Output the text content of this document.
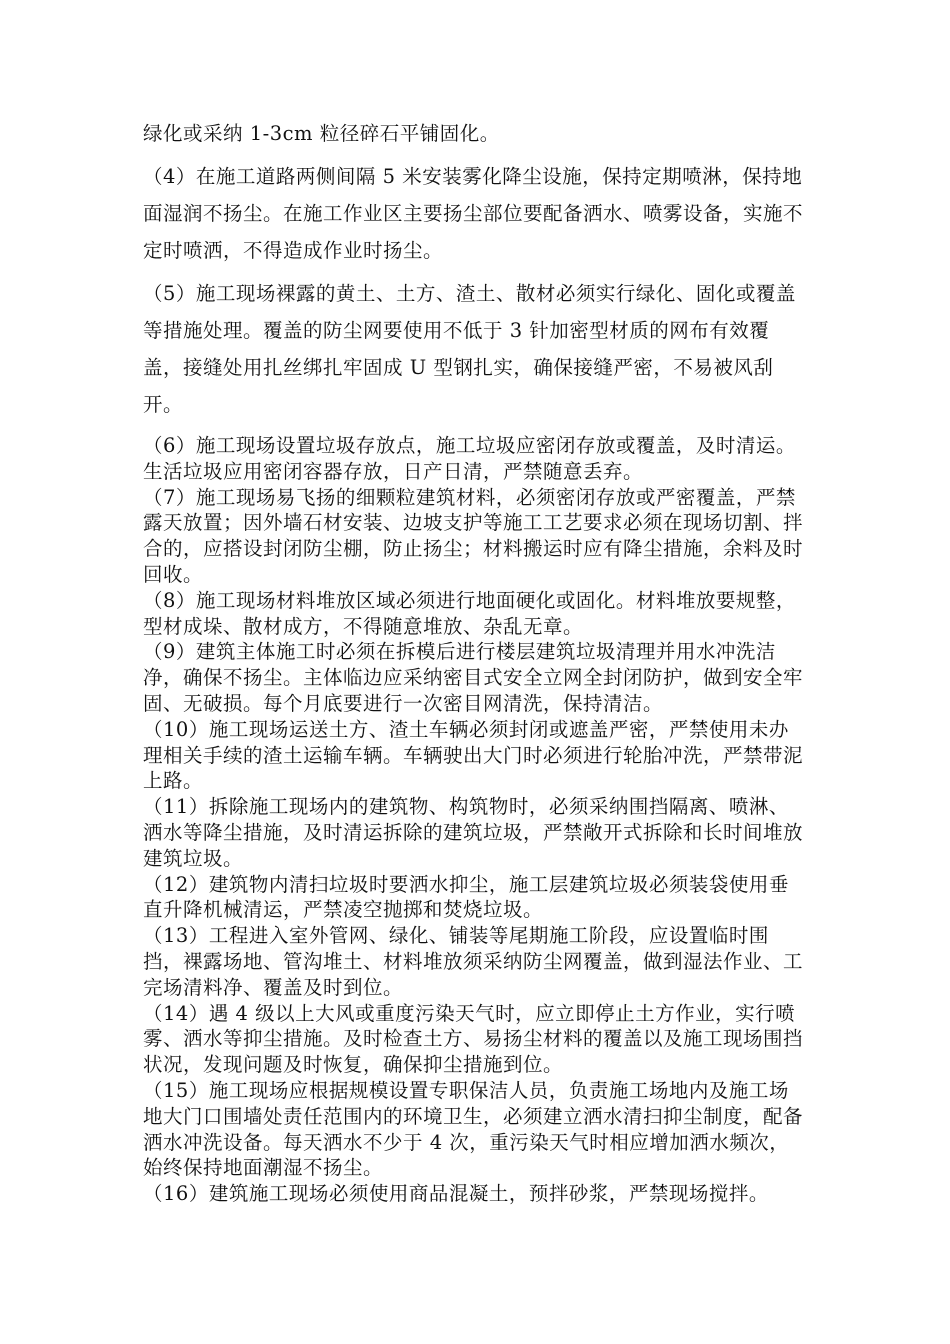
绿化或采纳 1-3cm 粒径碎石平铺固化。

（4）在施工道路两侧间隔 5 米安装雾化降尘设施，保持定期喷淋，保持地面湿润不扬尘。在施工作业区主要扬尘部位要配备洒水、喷雾设备，实施不定时喷洒，不得造成作业时扬尘。

（5）施工现场裸露的黄土、土方、渣土、散材必须实行绿化、固化或覆盖等措施处理。覆盖的防尘网要使用不低于 3 针加密型材质的网布有效覆盖，接缝处用扎丝绑扎牢固成 U 型钢扎实，确保接缝严密，不易被风刮开。

（6）施工现场设置垃圾存放点，施工垃圾应密闭存放或覆盖，及时清运。生活垃圾应用密闭容器存放，日产日清，严禁随意丢弃。

（7）施工现场易飞扬的细颗粒建筑材料，必须密闭存放或严密覆盖，严禁露天放置；因外墙石材安装、边坡支护等施工工艺要求必须在现场切割、拌合的，应搭设封闭防尘棚，防止扬尘；材料搬运时应有降尘措施，余料及时回收。

（8）施工现场材料堆放区域必须进行地面硬化或固化。材料堆放要规整，型材成垛、散材成方，不得随意堆放、杂乱无章。

（9）建筑主体施工时必须在拆模后进行楼层建筑垃圾清理并用水冲洗洁净，确保不扬尘。主体临边应采纳密目式安全立网全封闭防护，做到安全牢固、无破损。每个月底要进行一次密目网清洗，保持清洁。

（10）施工现场运送土方、渣土车辆必须封闭或遮盖严密，严禁使用未办理相关手续的渣土运输车辆。车辆驶出大门时必须进行轮胎冲洗，严禁带泥上路。

（11）拆除施工现场内的建筑物、构筑物时，必须采纳围挡隔离、喷淋、洒水等降尘措施，及时清运拆除的建筑垃圾，严禁敞开式拆除和长时间堆放建筑垃圾。

（12）建筑物内清扫垃圾时要洒水抑尘，施工层建筑垃圾必须装袋使用垂直升降机械清运，严禁凌空抛掷和焚烧垃圾。

（13）工程进入室外管网、绿化、铺装等尾期施工阶段，应设置临时围挡，裸露场地、管沟堆土、材料堆放须采纳防尘网覆盖，做到湿法作业、工完场清料净、覆盖及时到位。

（14）遇 4 级以上大风或重度污染天气时，应立即停止土方作业，实行喷雾、洒水等抑尘措施。及时检查土方、易扬尘材料的覆盖以及施工现场围挡状况，发现问题及时恢复，确保抑尘措施到位。

（15）施工现场应根据规模设置专职保洁人员，负责施工场地内及施工场地大门口围墙处责任范围内的环境卫生，必须建立洒水清扫抑尘制度，配备洒水冲洗设备。每天洒水不少于 4 次，重污染天气时相应增加洒水频次，始终保持地面潮湿不扬尘。

（16）建筑施工现场必须使用商品混凝土，预拌砂浆，严禁现场搅拌。
